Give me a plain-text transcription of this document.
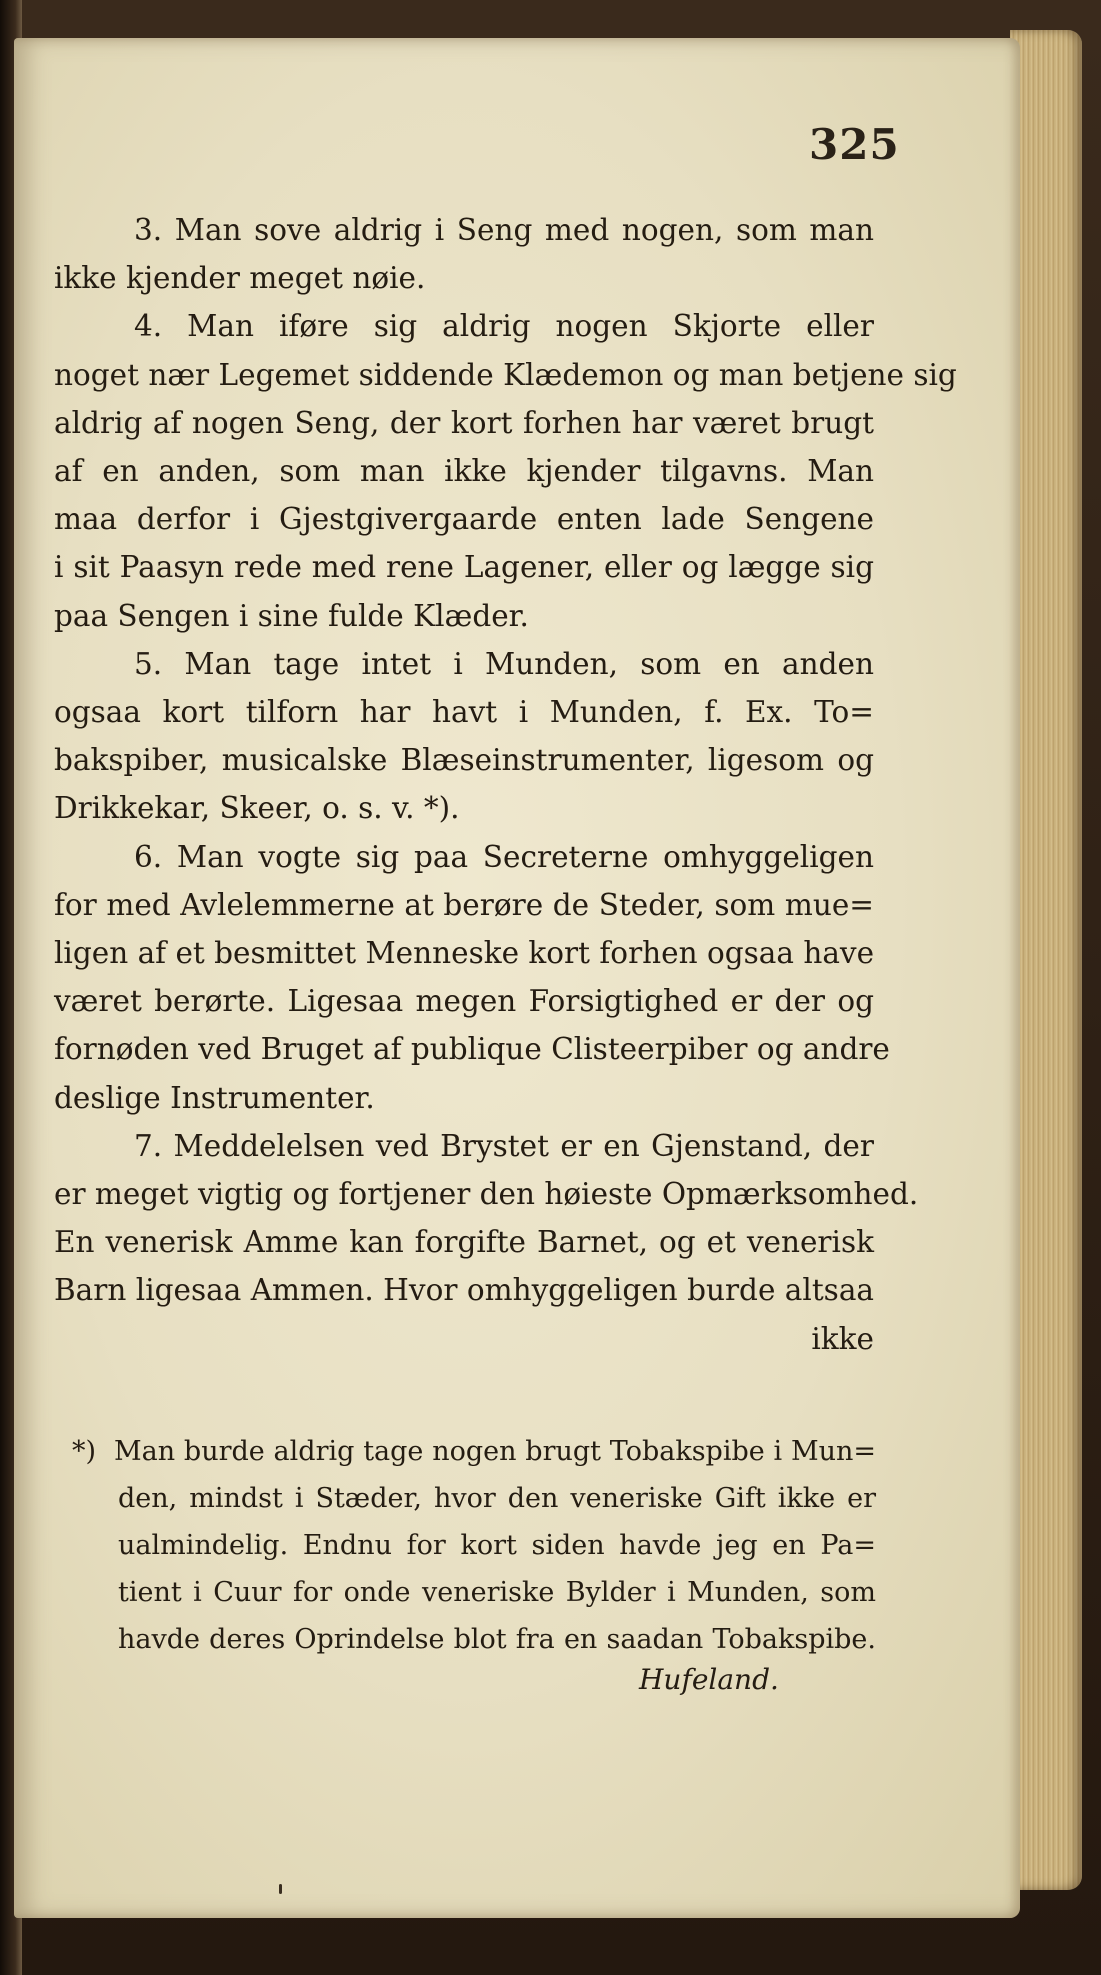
325
3. Man sove aldrig i Seng med nogen, som man
ikke kjender meget nøie.
4. Man iføre sig aldrig nogen Skjorte eller
noget nær Legemet siddende Klædemon og man betjene sig
aldrig af nogen Seng, der kort forhen har været brugt
af en anden, som man ikke kjender tilgavns. Man
maa derfor i Gjestgivergaarde enten lade Sengene
i sit Paasyn rede med rene Lagener, eller og lægge sig
paa Sengen i sine fulde Klæder.
5. Man tage intet i Munden, som en anden
ogsaa kort tilforn har havt i Munden, f. Ex. To=
bakspiber, musicalske Blæseinstrumenter, ligesom og
Drikkekar, Skeer, o. s. v. *).
6. Man vogte sig paa Secreterne omhyggeligen
for med Avlelemmerne at berøre de Steder, som mue=
ligen af et besmittet Menneske kort forhen ogsaa have
været berørte. Ligesaa megen Forsigtighed er der og
fornøden ved Bruget af publique Clisteerpiber og andre
deslige Instrumenter.
7. Meddelelsen ved Brystet er en Gjenstand, der
er meget vigtig og fortjener den høieste Opmærksomhed.
En venerisk Amme kan forgifte Barnet, og et venerisk
Barn ligesaa Ammen. Hvor omhyggeligen burde altsaa
ikke
*) Man burde aldrig tage nogen brugt Tobakspibe i Mun=
den, mindst i Stæder, hvor den veneriske Gift ikke er
ualmindelig. Endnu for kort siden havde jeg en Pa=
tient i Cuur for onde veneriske Bylder i Munden, som
havde deres Oprindelse blot fra en saadan Tobakspibe.
Hufeland.
